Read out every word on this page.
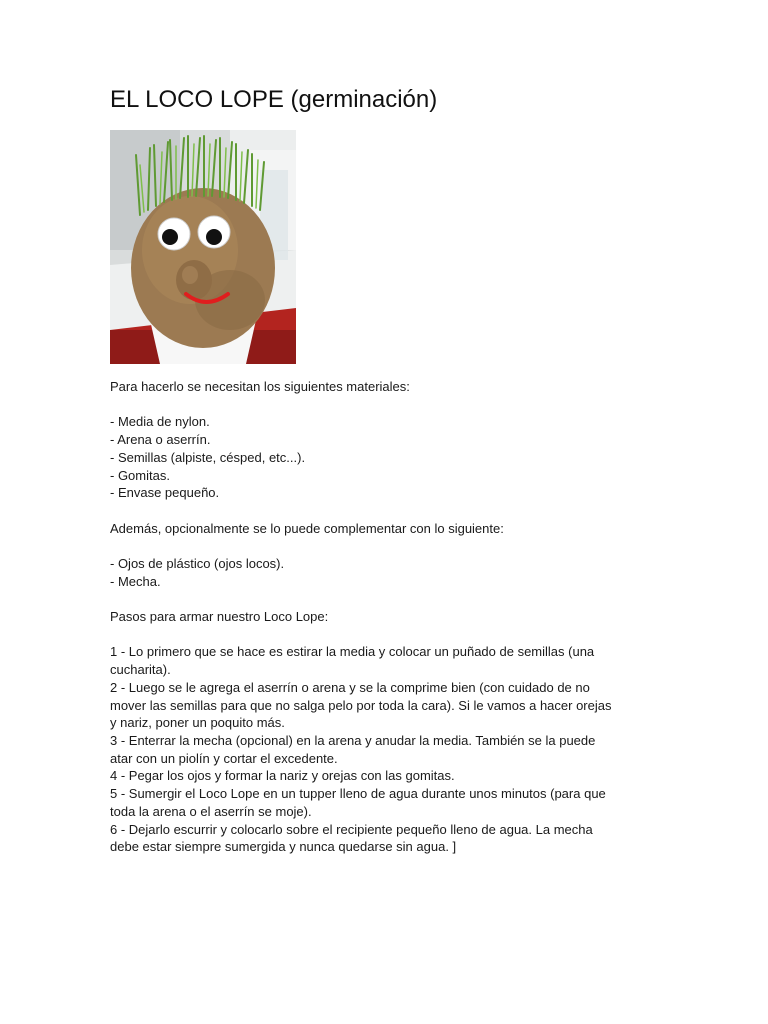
EL LOCO LOPE (germinación)

Para hacerlo se necesitan los siguientes materiales:

- Media de nylon.

- Arena o aserrín.

- Semillas (alpiste, césped, etc...).

- Gomitas.

- Envase pequeño.

Además, opcionalmente se lo puede complementar con lo siguiente:

- Ojos de plástico (ojos locos).

- Mecha.

Pasos para armar nuestro Loco Lope:

1 - Lo primero que se hace es estirar la media y colocar un puñado de semillas (una

cucharita).

2 - Luego se le agrega el aserrín o arena y se la comprime bien (con cuidado de no

mover las semillas para que no salga pelo por toda la cara). Si le vamos a hacer orejas

y nariz, poner un poquito más.

3 - Enterrar la mecha (opcional) en la arena y anudar la media. También se la puede

atar con un piolín y cortar el excedente.

4 - Pegar los ojos y formar la nariz y orejas con las gomitas.

5 - Sumergir el Loco Lope en un tupper lleno de agua durante unos minutos (para que

toda la arena o el aserrín se moje).

6 - Dejarlo escurrir y colocarlo sobre el recipiente pequeño lleno de agua. La mecha

debe estar siempre sumergida y nunca quedarse sin agua. ]
